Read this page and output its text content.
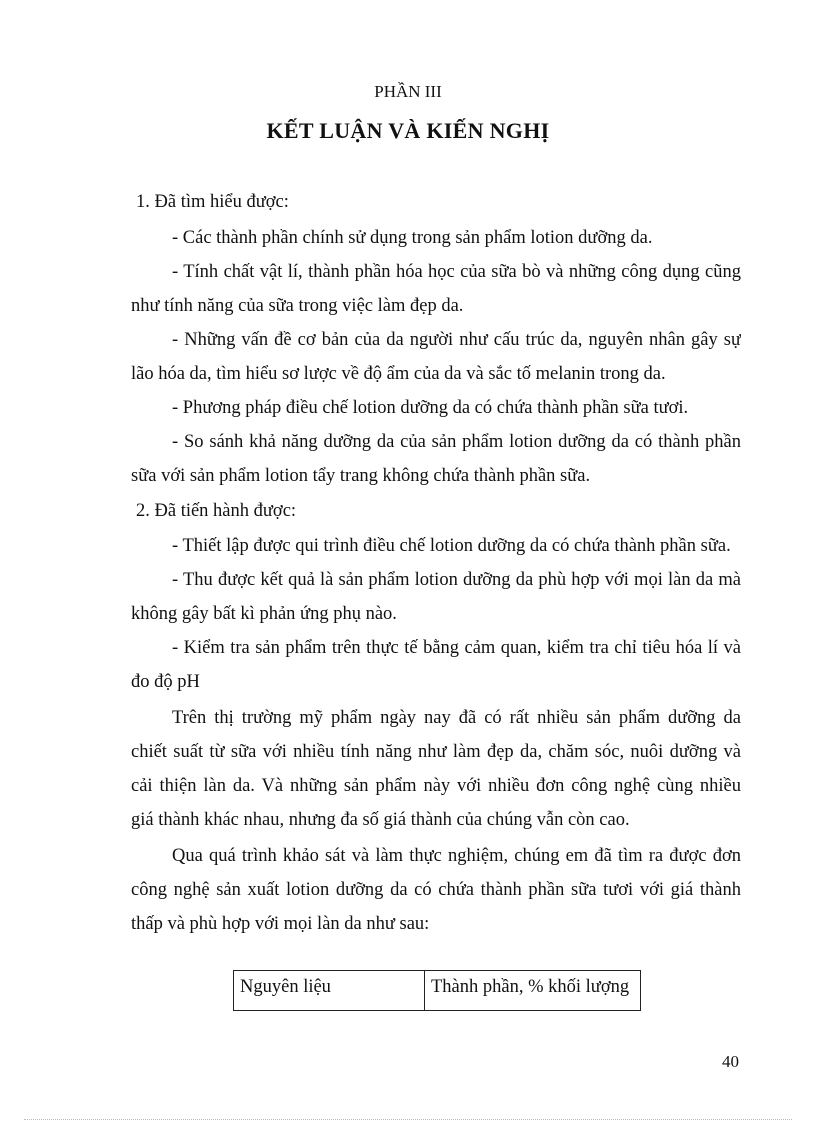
PHẦN III
KẾT LUẬN VÀ KIẾN NGHỊ
1. Đã tìm hiểu được:
- Các thành phần chính sử dụng trong sản phẩm lotion dưỡng da.
- Tính chất vật lí, thành phần hóa học của sữa bò và những công dụng cũng
như tính năng của sữa trong việc làm đẹp da.
- Những vấn đề cơ bản của da người như cấu trúc da, nguyên nhân gây sự
lão hóa da, tìm hiểu sơ lược về độ ẩm của da và sắc tố melanin trong da.
- Phương pháp điều chế lotion dưỡng da có chứa thành phần sữa tươi.
- So sánh khả năng dưỡng da của sản phẩm lotion dưỡng da có thành phần
sữa với sản phẩm lotion tẩy trang không chứa thành phần sữa.
2. Đã tiến hành được:
- Thiết lập được qui trình điều chế lotion dưỡng da có chứa thành phần sữa.
- Thu được kết quả là sản phẩm lotion dưỡng da phù hợp với mọi làn da mà
không gây bất kì phản ứng phụ nào.
- Kiểm tra sản phẩm trên thực tế bằng cảm quan, kiểm tra chỉ tiêu hóa lí và
đo độ pH
Trên thị trường mỹ phẩm ngày nay đã có rất nhiều sản phẩm dưỡng da
chiết suất từ sữa với nhiều tính năng như làm đẹp da, chăm sóc, nuôi dưỡng và
cải thiện làn da. Và những sản phẩm này với nhiều đơn công nghệ cùng nhiều
giá thành khác nhau, nhưng đa số giá thành của chúng vẫn còn cao.
Qua quá trình khảo sát và làm thực nghiệm, chúng em đã tìm ra được đơn
công nghệ sản xuất lotion dưỡng da có chứa thành phần sữa tươi với giá thành
thấp và phù hợp với mọi làn da như sau:
Nguyên liệu	Thành phần, % khối lượng
40
